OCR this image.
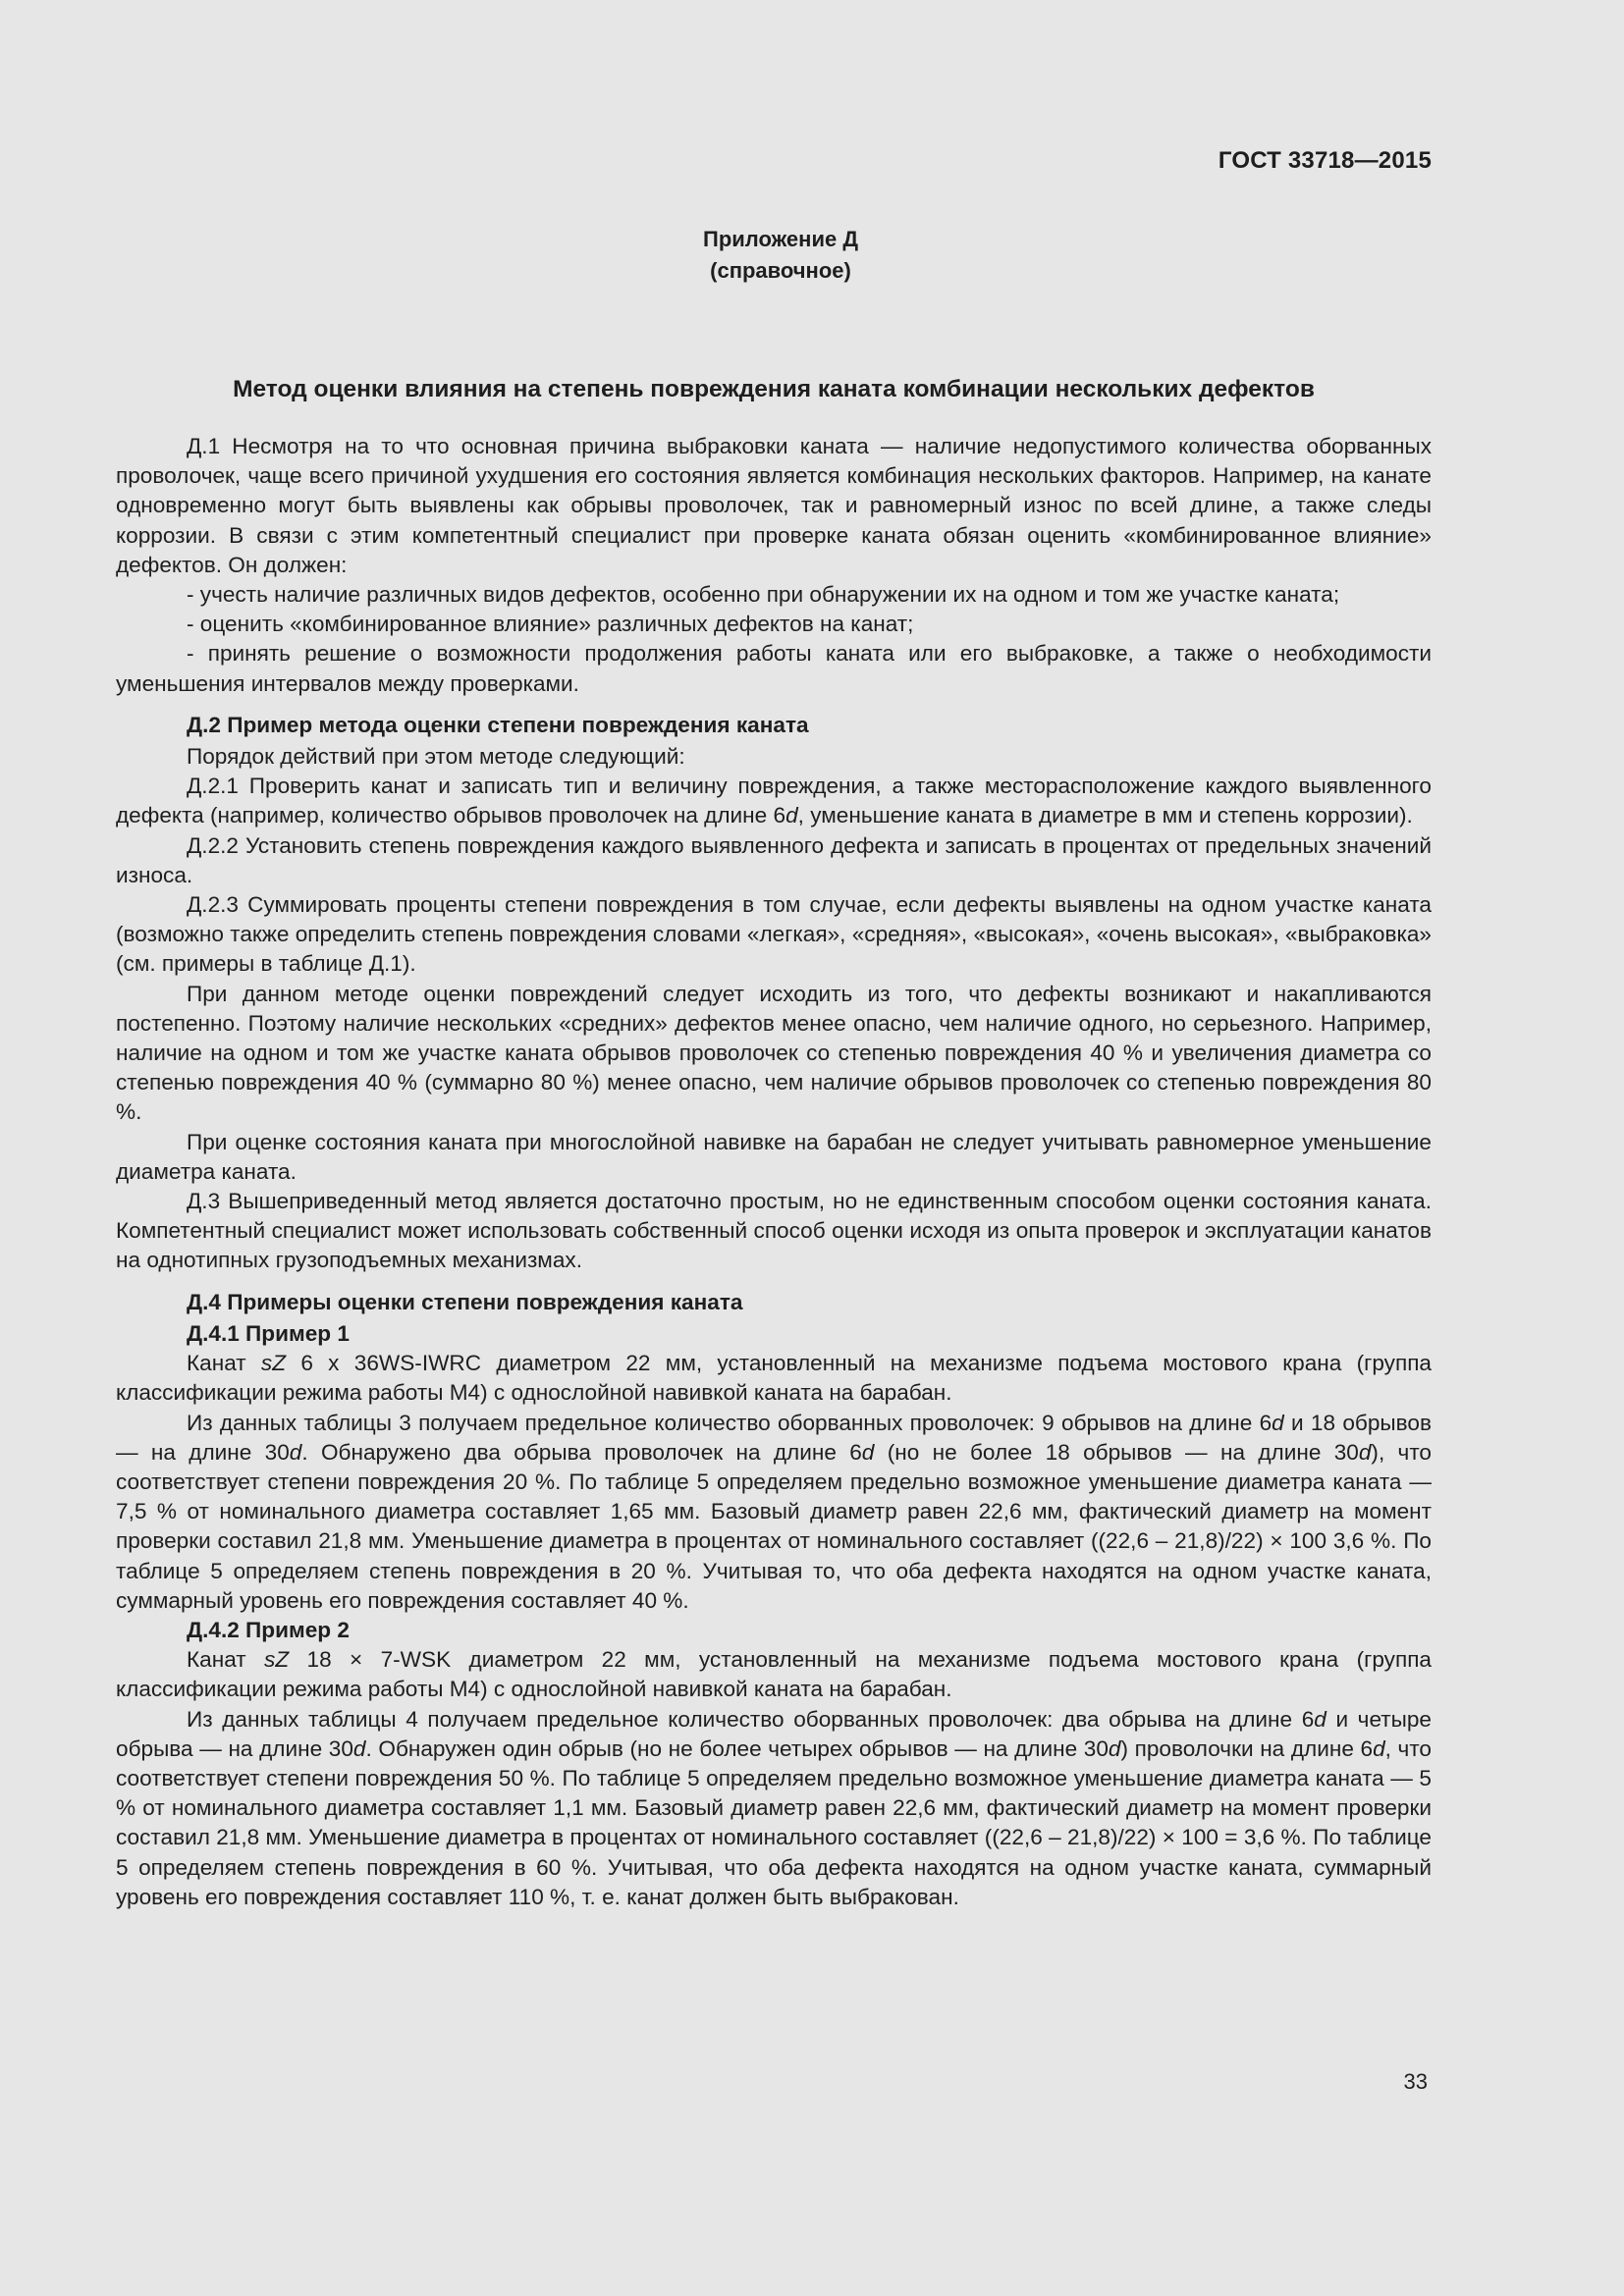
ГОСТ 33718—2015
Приложение Д
(справочное)
Метод оценки влияния на степень повреждения каната комбинации нескольких дефектов

Д.1 Несмотря на то что основная причина выбраковки каната — наличие недопустимого количества оборванных проволочек, чаще всего причиной ухудшения его состояния является комбинация нескольких факторов. Например, на канате одновременно могут быть выявлены как обрывы проволочек, так и равномерный износ по всей длине, а также следы коррозии. В связи с этим компетентный специалист при проверке каната обязан оценить «комбинированное влияние» дефектов. Он должен:

- учесть наличие различных видов дефектов, особенно при обнаружении их на одном и том же участке каната;

- оценить «комбинированное влияние» различных дефектов на канат;

- принять решение о возможности продолжения работы каната или его выбраковке, а также о необходимости уменьшения интервалов между проверками.

Д.2 Пример метода оценки степени повреждения каната

Порядок действий при этом методе следующий:

Д.2.1 Проверить канат и записать тип и величину повреждения, а также месторасположение каждого выявленного дефекта (например, количество обрывов проволочек на длине 6d, уменьшение каната в диаметре в мм и степень коррозии).

Д.2.2 Установить степень повреждения каждого выявленного дефекта и записать в процентах от предельных значений износа.

Д.2.3 Суммировать проценты степени повреждения в том случае, если дефекты выявлены на одном участке каната (возможно также определить степень повреждения словами «легкая», «средняя», «высокая», «очень высокая», «выбраковка» (см. примеры в таблице Д.1).

При данном методе оценки повреждений следует исходить из того, что дефекты возникают и накапливаются постепенно. Поэтому наличие нескольких «средних» дефектов менее опасно, чем наличие одного, но серьезного. Например, наличие на одном и том же участке каната обрывов проволочек со степенью повреждения 40 % и увеличения диаметра со степенью повреждения 40 % (суммарно 80 %) менее опасно, чем наличие обрывов проволочек со степенью повреждения 80 %.

При оценке состояния каната при многослойной навивке на барабан не следует учитывать равномерное уменьшение диаметра каната.

Д.3 Вышеприведенный метод является достаточно простым, но не единственным способом оценки состояния каната. Компетентный специалист может использовать собственный способ оценки исходя из опыта проверок и эксплуатации канатов на однотипных грузоподъемных механизмах.

Д.4 Примеры оценки степени повреждения каната

Д.4.1 Пример 1

Канат sZ 6 x 36WS-IWRC диаметром 22 мм, установленный на механизме подъема мостового крана (группа классификации режима работы М4) с однослойной навивкой каната на барабан.

Из данных таблицы 3 получаем предельное количество оборванных проволочек: 9 обрывов на длине 6d и 18 обрывов — на длине 30d. Обнаружено два обрыва проволочек на длине 6d (но не более 18 обрывов — на длине 30d), что соответствует степени повреждения 20 %. По таблице 5 определяем предельно возможное уменьшение диаметра каната — 7,5 % от номинального диаметра составляет 1,65 мм. Базовый диаметр равен 22,6 мм, фактический диаметр на момент проверки составил 21,8 мм. Уменьшение диаметра в процентах от номинального составляет ((22,6 – 21,8)/22) × 100 3,6 %. По таблице 5 определяем степень повреждения в 20 %. Учитывая то, что оба дефекта находятся на одном участке каната, суммарный уровень его повреждения составляет 40 %.

Д.4.2 Пример 2

Канат sZ 18 × 7-WSK диаметром 22 мм, установленный на механизме подъема мостового крана (группа классификации режима работы М4) с однослойной навивкой каната на барабан.

Из данных таблицы 4 получаем предельное количество оборванных проволочек: два обрыва на длине 6d и четыре обрыва — на длине 30d. Обнаружен один обрыв (но не более четырех обрывов — на длине 30d) проволочки на длине 6d, что соответствует степени повреждения 50 %. По таблице 5 определяем предельно возможное уменьшение диаметра каната — 5 % от номинального диаметра составляет 1,1 мм. Базовый диаметр равен 22,6 мм, фактический диаметр на момент проверки составил 21,8 мм. Уменьшение диаметра в процентах от номинального составляет ((22,6 – 21,8)/22) × 100 = 3,6 %. По таблице 5 определяем степень повреждения в 60 %. Учитывая, что оба дефекта находятся на одном участке каната, суммарный уровень его повреждения составляет 110 %, т. е. канат должен быть выбракован.

33
